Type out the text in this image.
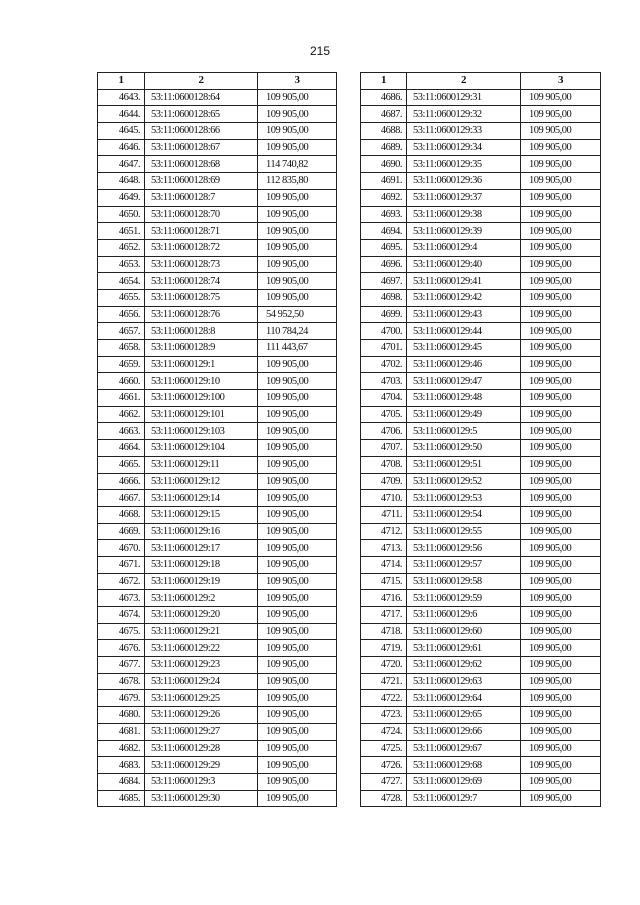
215
1	2	3
4643.	53:11:0600128:64	109 905,00
4644.	53:11:0600128:65	109 905,00
4645.	53:11:0600128:66	109 905,00
4646.	53:11:0600128:67	109 905,00
4647.	53:11:0600128:68	114 740,82
4648.	53:11:0600128:69	112 835,80
4649.	53:11:0600128:7	109 905,00
4650.	53:11:0600128:70	109 905,00
4651.	53:11:0600128:71	109 905,00
4652.	53:11:0600128:72	109 905,00
4653.	53:11:0600128:73	109 905,00
4654.	53:11:0600128:74	109 905,00
4655.	53:11:0600128:75	109 905,00
4656.	53:11:0600128:76	54 952,50
4657.	53:11:0600128:8	110 784,24
4658.	53:11:0600128:9	111 443,67
4659.	53:11:0600129:1	109 905,00
4660.	53:11:0600129:10	109 905,00
4661.	53:11:0600129:100	109 905,00
4662.	53:11:0600129:101	109 905,00
4663.	53:11:0600129:103	109 905,00
4664.	53:11:0600129:104	109 905,00
4665.	53:11:0600129:11	109 905,00
4666.	53:11:0600129:12	109 905,00
4667.	53:11:0600129:14	109 905,00
4668.	53:11:0600129:15	109 905,00
4669.	53:11:0600129:16	109 905,00
4670.	53:11:0600129:17	109 905,00
4671.	53:11:0600129:18	109 905,00
4672.	53:11:0600129:19	109 905,00
4673.	53:11:0600129:2	109 905,00
4674.	53:11:0600129:20	109 905,00
4675.	53:11:0600129:21	109 905,00
4676.	53:11:0600129:22	109 905,00
4677.	53:11:0600129:23	109 905,00
4678.	53:11:0600129:24	109 905,00
4679.	53:11:0600129:25	109 905,00
4680.	53:11:0600129:26	109 905,00
4681.	53:11:0600129:27	109 905,00
4682.	53:11:0600129:28	109 905,00
4683.	53:11:0600129:29	109 905,00
4684.	53:11:0600129:3	109 905,00
4685.	53:11:0600129:30	109 905,00
1	2	3
4686.	53:11:0600129:31	109 905,00
4687.	53:11:0600129:32	109 905,00
4688.	53:11:0600129:33	109 905,00
4689.	53:11:0600129:34	109 905,00
4690.	53:11:0600129:35	109 905,00
4691.	53:11:0600129:36	109 905,00
4692.	53:11:0600129:37	109 905,00
4693.	53:11:0600129:38	109 905,00
4694.	53:11:0600129:39	109 905,00
4695.	53:11:0600129:4	109 905,00
4696.	53:11:0600129:40	109 905,00
4697.	53:11:0600129:41	109 905,00
4698.	53:11:0600129:42	109 905,00
4699.	53:11:0600129:43	109 905,00
4700.	53:11:0600129:44	109 905,00
4701.	53:11:0600129:45	109 905,00
4702.	53:11:0600129:46	109 905,00
4703.	53:11:0600129:47	109 905,00
4704.	53:11:0600129:48	109 905,00
4705.	53:11:0600129:49	109 905,00
4706.	53:11:0600129:5	109 905,00
4707.	53:11:0600129:50	109 905,00
4708.	53:11:0600129:51	109 905,00
4709.	53:11:0600129:52	109 905,00
4710.	53:11:0600129:53	109 905,00
4711.	53:11:0600129:54	109 905,00
4712.	53:11:0600129:55	109 905,00
4713.	53:11:0600129:56	109 905,00
4714.	53:11:0600129:57	109 905,00
4715.	53:11:0600129:58	109 905,00
4716.	53:11:0600129:59	109 905,00
4717.	53:11:0600129:6	109 905,00
4718.	53:11:0600129:60	109 905,00
4719.	53:11:0600129:61	109 905,00
4720.	53:11:0600129:62	109 905,00
4721.	53:11:0600129:63	109 905,00
4722.	53:11:0600129:64	109 905,00
4723.	53:11:0600129:65	109 905,00
4724.	53:11:0600129:66	109 905,00
4725.	53:11:0600129:67	109 905,00
4726.	53:11:0600129:68	109 905,00
4727.	53:11:0600129:69	109 905,00
4728.	53:11:0600129:7	109 905,00
